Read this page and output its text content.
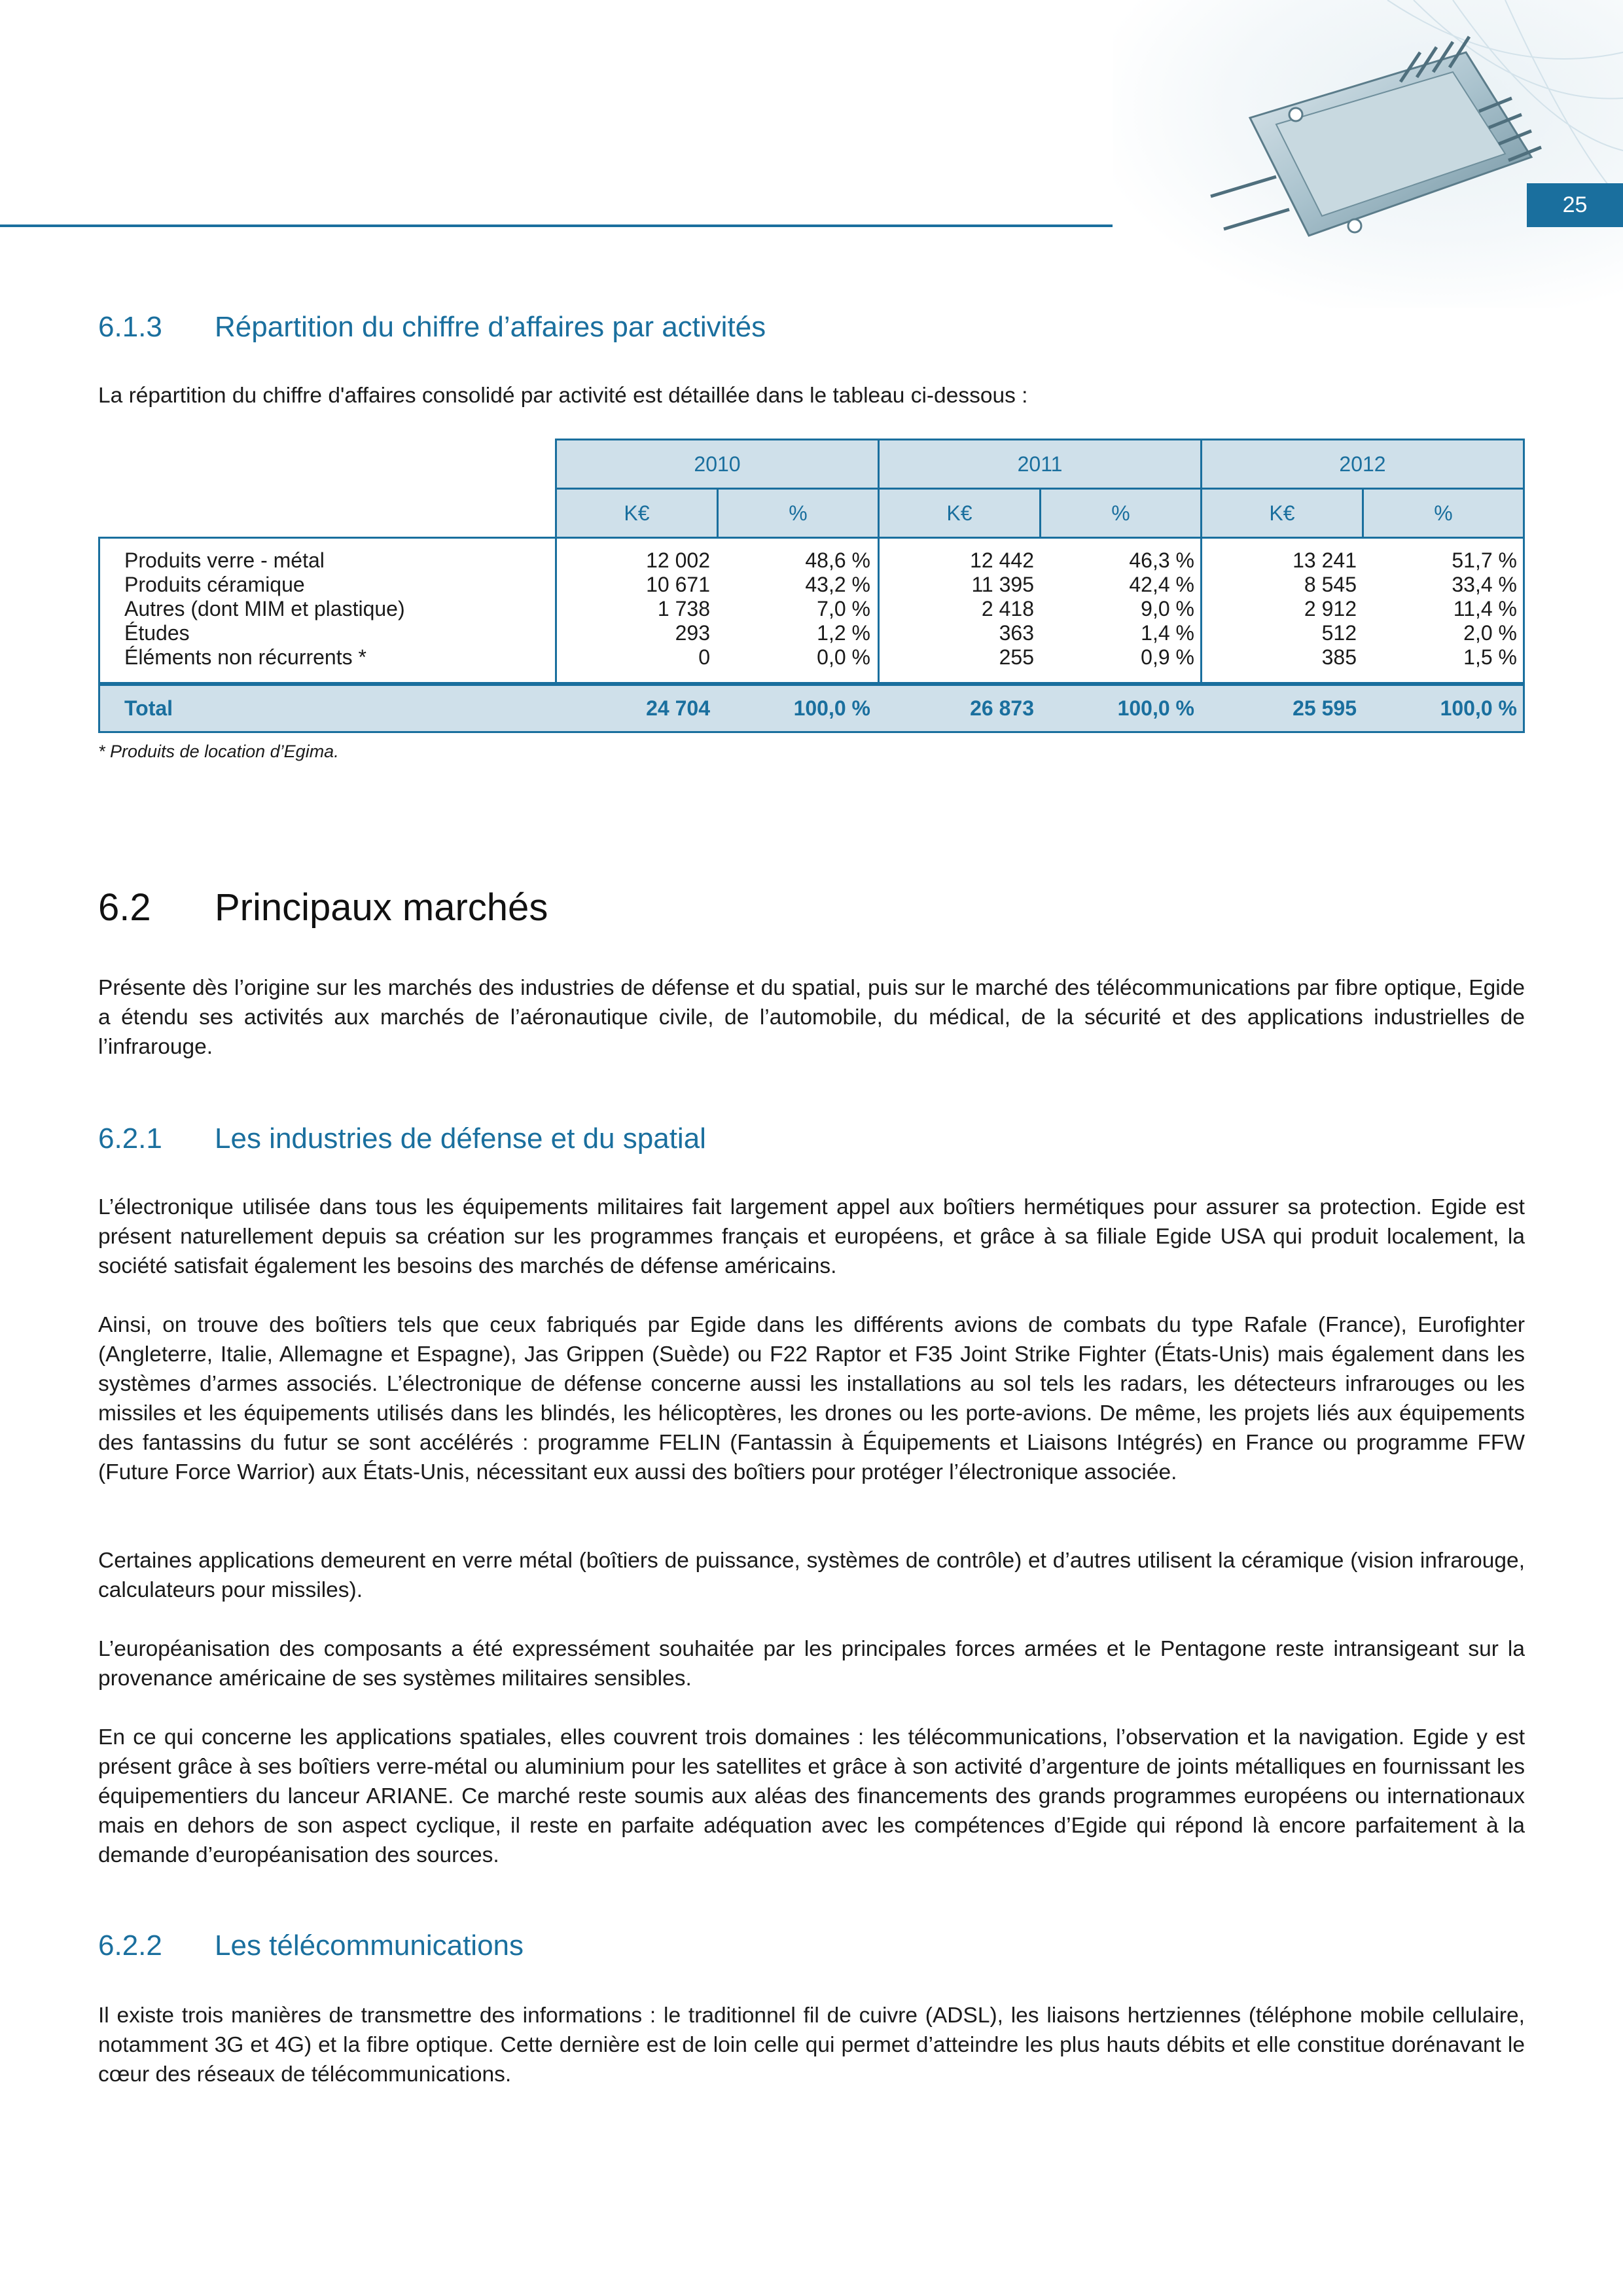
25
6.1.3 Répartition du chiffre d’affaires par activités

La répartition du chiffre d'affaires consolidé par activité est détaillée dans le tableau ci-dessous :

2010	2011	2012
K€	%	K€	%	K€	%
Produits verre - métal	12 002	48,6 %	12 442	46,3 %	13 241	51,7 %
Produits céramique	10 671	43,2 %	11 395	42,4 %	8 545	33,4 %
Autres (dont MIM et plastique)	1 738	7,0 %	2 418	9,0 %	2 912	11,4 %
Études	293	1,2 %	363	1,4 %	512	2,0 %
Éléments non récurrents *	0	0,0 %	255	0,9 %	385	1,5 %
Total	24 704	100,0 %	26 873	100,0 %	25 595	100,0 %

* Produits de location d’Egima.

6.2 Principaux marchés

Présente dès l’origine sur les marchés des industries de défense et du spatial, puis sur le marché des télécommunications par fibre optique, Egide a étendu ses activités aux marchés de l’aéronautique civile, de l’automobile, du médical, de la sécurité et des applications industrielles de l’infrarouge.

6.2.1 Les industries de défense et du spatial

L’électronique utilisée dans tous les équipements militaires fait largement appel aux boîtiers hermétiques pour assurer sa protection. Egide est présent naturellement depuis sa création sur les programmes français et européens, et grâce à sa filiale Egide USA qui produit localement, la société satisfait également les besoins des marchés de défense américains.

Ainsi, on trouve des boîtiers tels que ceux fabriqués par Egide dans les différents avions de combats du type Rafale (France), Eurofighter (Angleterre, Italie, Allemagne et Espagne), Jas Grippen (Suède) ou F22 Raptor et F35 Joint Strike Fighter (États-Unis) mais également dans les systèmes d’armes associés. L’électronique de défense concerne aussi les installations au sol tels les radars, les détecteurs infrarouges ou les missiles et les équipements utilisés dans les blindés, les hélicoptères, les drones ou les porte-avions. De même, les projets liés aux équipements des fantassins du futur se sont accélérés : programme FELIN (Fantassin à Équipements et Liaisons Intégrés) en France ou programme FFW (Future Force Warrior) aux États-Unis, nécessitant eux aussi des boîtiers pour protéger l’électronique associée.

Certaines applications demeurent en verre métal (boîtiers de puissance, systèmes de contrôle) et d’autres utilisent la céramique (vision infrarouge, calculateurs pour missiles).

L’européanisation des composants a été expressément souhaitée par les principales forces armées et le Pentagone reste intransigeant sur la provenance américaine de ses systèmes militaires sensibles.

En ce qui concerne les applications spatiales, elles couvrent trois domaines : les télécommunications, l’observation et la navigation. Egide y est présent grâce à ses boîtiers verre-métal ou aluminium pour les satellites et grâce à son activité d’argenture de joints métalliques en fournissant les équipementiers du lanceur ARIANE. Ce marché reste soumis aux aléas des financements des grands programmes européens ou internationaux mais en dehors de son aspect cyclique, il reste en parfaite adéquation avec les compétences d’Egide qui répond là encore parfaitement à la demande d’européanisation des sources.

6.2.2 Les télécommunications

Il existe trois manières de transmettre des informations : le traditionnel fil de cuivre (ADSL), les liaisons hertziennes (téléphone mobile cellulaire, notamment 3G et 4G) et la fibre optique. Cette dernière est de loin celle qui permet d’atteindre les plus hauts débits et elle constitue dorénavant le cœur des réseaux de télécommunications.
